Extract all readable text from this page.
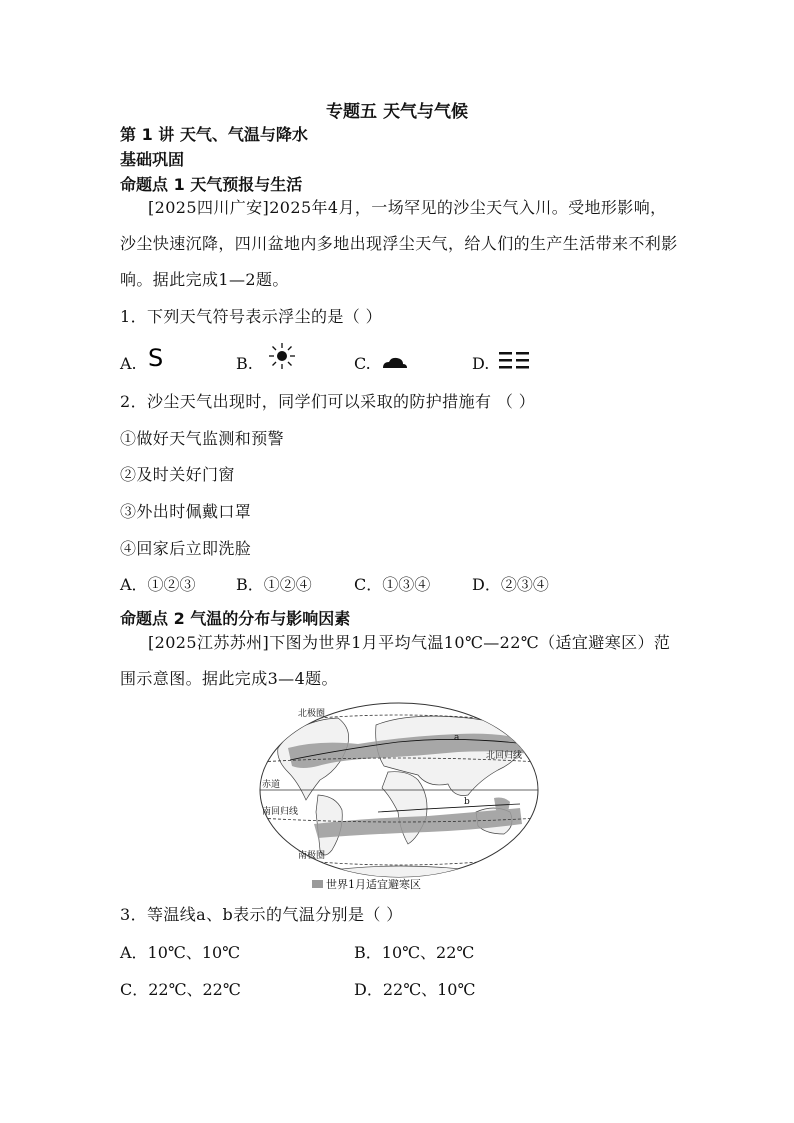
专题五 天气与气候
第 1 讲 天气、气温与降水
基础巩固
命题点 1 天气预报与生活
[2025四川广安]2025年4月，一场罕见的沙尘天气入川。受地形影响，沙尘快速沉降，四川盆地内多地出现浮尘天气，给人们的生产生活带来不利影响。据此完成1—2题。
1．下列天气符号表示浮尘的是（ ）
A. S	B.	C.	D.
2．沙尘天气出现时，同学们可以采取的防护措施有 （ ）
①做好天气监测和预警
②及时关好门窗
③外出时佩戴口罩
④回家后立即洗脸
A．①②③	B．①②④	C．①③④	D．②③④
命题点 2 气温的分布与影响因素
[2025江苏苏州]下图为世界1月平均气温10℃—22℃（适宜避寒区）范围示意图。据此完成3—4题。
北极圈
北回归线
赤道
南回归线
南极圈
a
b
世界1月适宜避寒区
3．等温线a、b表示的气温分别是（ ）
A．10℃、10℃	B．10℃、22℃
C．22℃、22℃	D．22℃、10℃
